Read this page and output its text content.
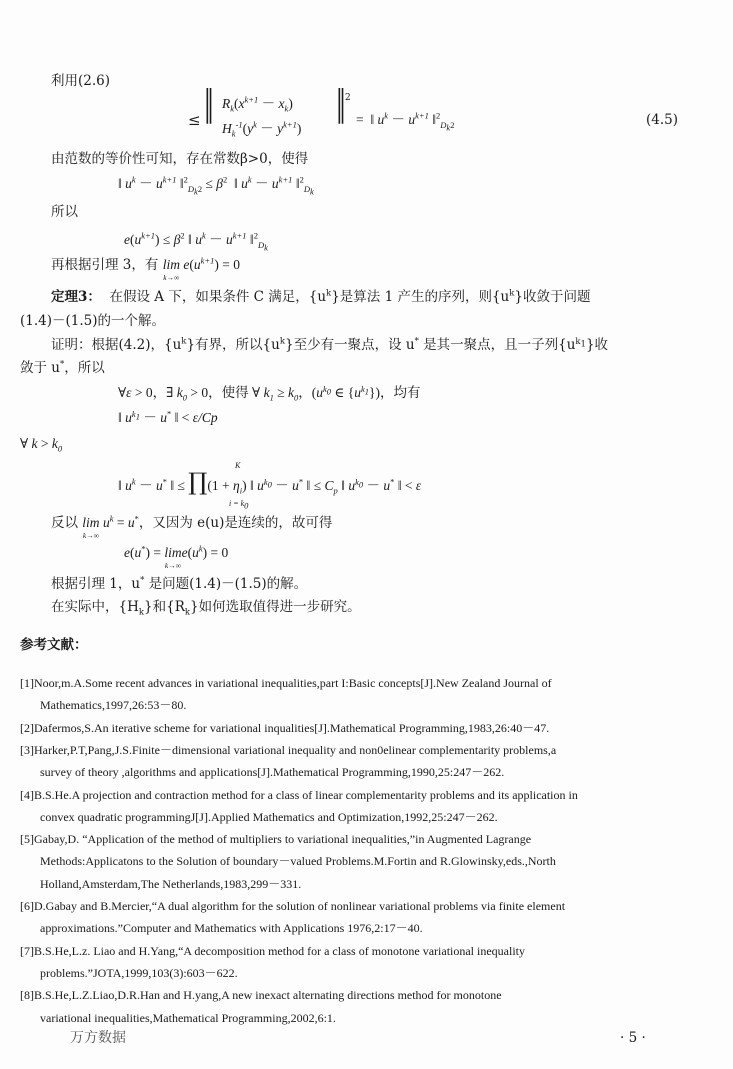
利用(2.6)
≤ ‖ $R_k(x^{k+1} - x_k)$
$H_k^{-1}(y^k - y^{k+1})$
‖ 2
=  ‖ $u^k - u^{k+1}$ ‖$^2_{D_k2}$	(4.5)
由范数的等价性可知，存在常数β>0，使得
‖ $u^k - u^{k+1}$ ‖$^2_{D_k2}$ ≤ $\beta^2$  ‖ $u^k - u^{k+1}$ ‖$^2_{D_k}$
所以
$e(u^{k+1}) \le \beta^2$ ‖ $u^k - u^{k+1}$ ‖$^2_{D_k}$
再根据引理 3，有 lim
k→∞
$e(u^{k+1}) = 0$
定理3： 在假设 A 下，如果条件 C 满足，$\{u^k\}$是算法 1 产生的序列，则$\{u^k\}$收敛于问题
(1.4)－(1.5)的一个解。
证明：根据(4.2)，$\{u^k\}$有界，所以$\{u^k\}$至少有一聚点，设 u* 是其一聚点，且一子列$\{u^{k_1}\}$收
敛于 u*，所以
∀ε > 0，∃ $k_0 > 0$，使得 ∀ $k_1 \ge k_0$，($u^{k_0}$ ∈ $\{u^{k_1}\}$)，均有
‖ $u^{k_1} - u^*$ ‖ < ε/Cp
∀ $k > k_0$
K
‖ $u^k - u^*$ ‖ ≤ ∏(1 + $\eta_i$) ‖ $u^{k_0} - u^*$ ‖ ≤ $C_p$ ‖ $u^{k_0} - u^*$ ‖ < ε
$i = k_0$
反以 lim
k→∞
$u^k = u^*$，又因为 e(u)是连续的，故可得
e(u*) = lim
k→∞
$e(u^k) = 0$
根据引理 1，u* 是问题(1.4)－(1.5)的解。
在实际中，$\{H_k\}$和$\{R_k\}$如何选取值得进一步研究。
参考文献：
[1]Noor,m.A.Some recent advances in variational inequalities,part I:Basic concepts[J].New Zealand Journal of
Mathematics,1997,26:53－80.
[2]Dafermos,S.An iterative scheme for variational inqualities[J].Mathematical Programming,1983,26:40－47.
[3]Harker,P.T,Pang,J.S.Finite－dimensional variational inequality and non0elinear complementarity problems,a
survey of theory ,algorithms and applications[J].Mathematical Programming,1990,25:247－262.
[4]B.S.He.A projection and contraction method for a class of linear complementarity problems and its application in
convex quadratic programmingJ[J].Applied Mathematics and Optimization,1992,25:247－262.
[5]Gabay,D. “Application of the method of multipliers to variational inequalities,”in Augmented Lagrange
Methods:Applicatons to the Solution of boundary－valued Problems.M.Fortin and R.Glowinsky,eds.,North
Holland,Amsterdam,The Netherlands,1983,299－331.
[6]D.Gabay and B.Mercier,“A dual algorithm for the solution of nonlinear variational problems via finite element
approximations.”Computer and Mathematics with Applications 1976,2:17－40.
[7]B.S.He,L.z. Liao and H.Yang,“A decomposition method for a class of monotone variational inequality
problems.”JOTA,1999,103(3):603－622.
[8]B.S.He,L.Z.Liao,D.R.Han and H.yang,A new inexact alternating directions method for monotone
variational inequalities,Mathematical Programming,2002,6:1.
万方数据	· 5 ·
